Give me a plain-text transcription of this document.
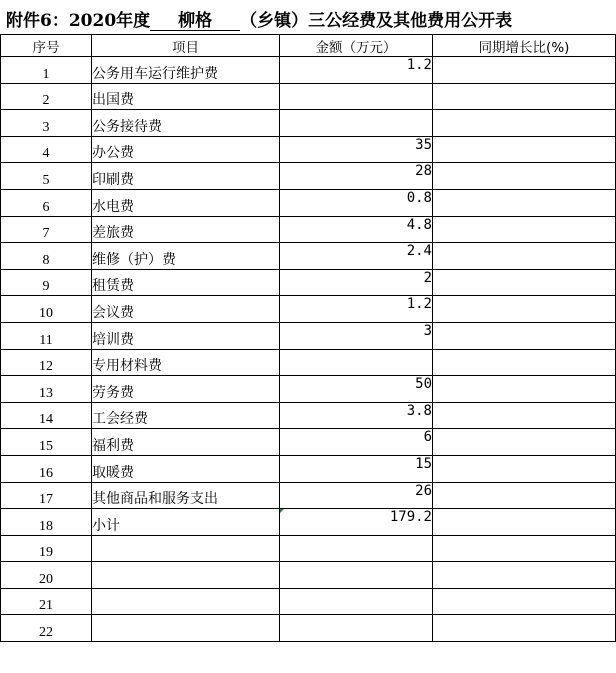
附件6：2020年度 柳格 （乡镇）三公经费及其他费用公开表
序号	项目	金额（万元）	同期增长比(%)
1	公务用车运行维护费	1.2	
2	出国费		
3	公务接待费		
4	办公费	35	
5	印刷费	28	
6	水电费	0.8	
7	差旅费	4.8	
8	维修（护）费	2.4	
9	租赁费	2	
10	会议费	1.2	
11	培训费	3	
12	专用材料费		
13	劳务费	50	
14	工会经费	3.8	
15	福利费	6	
16	取暖费	15	
17	其他商品和服务支出	26	
18	小计	179.2

19			
20			
21			
22			
